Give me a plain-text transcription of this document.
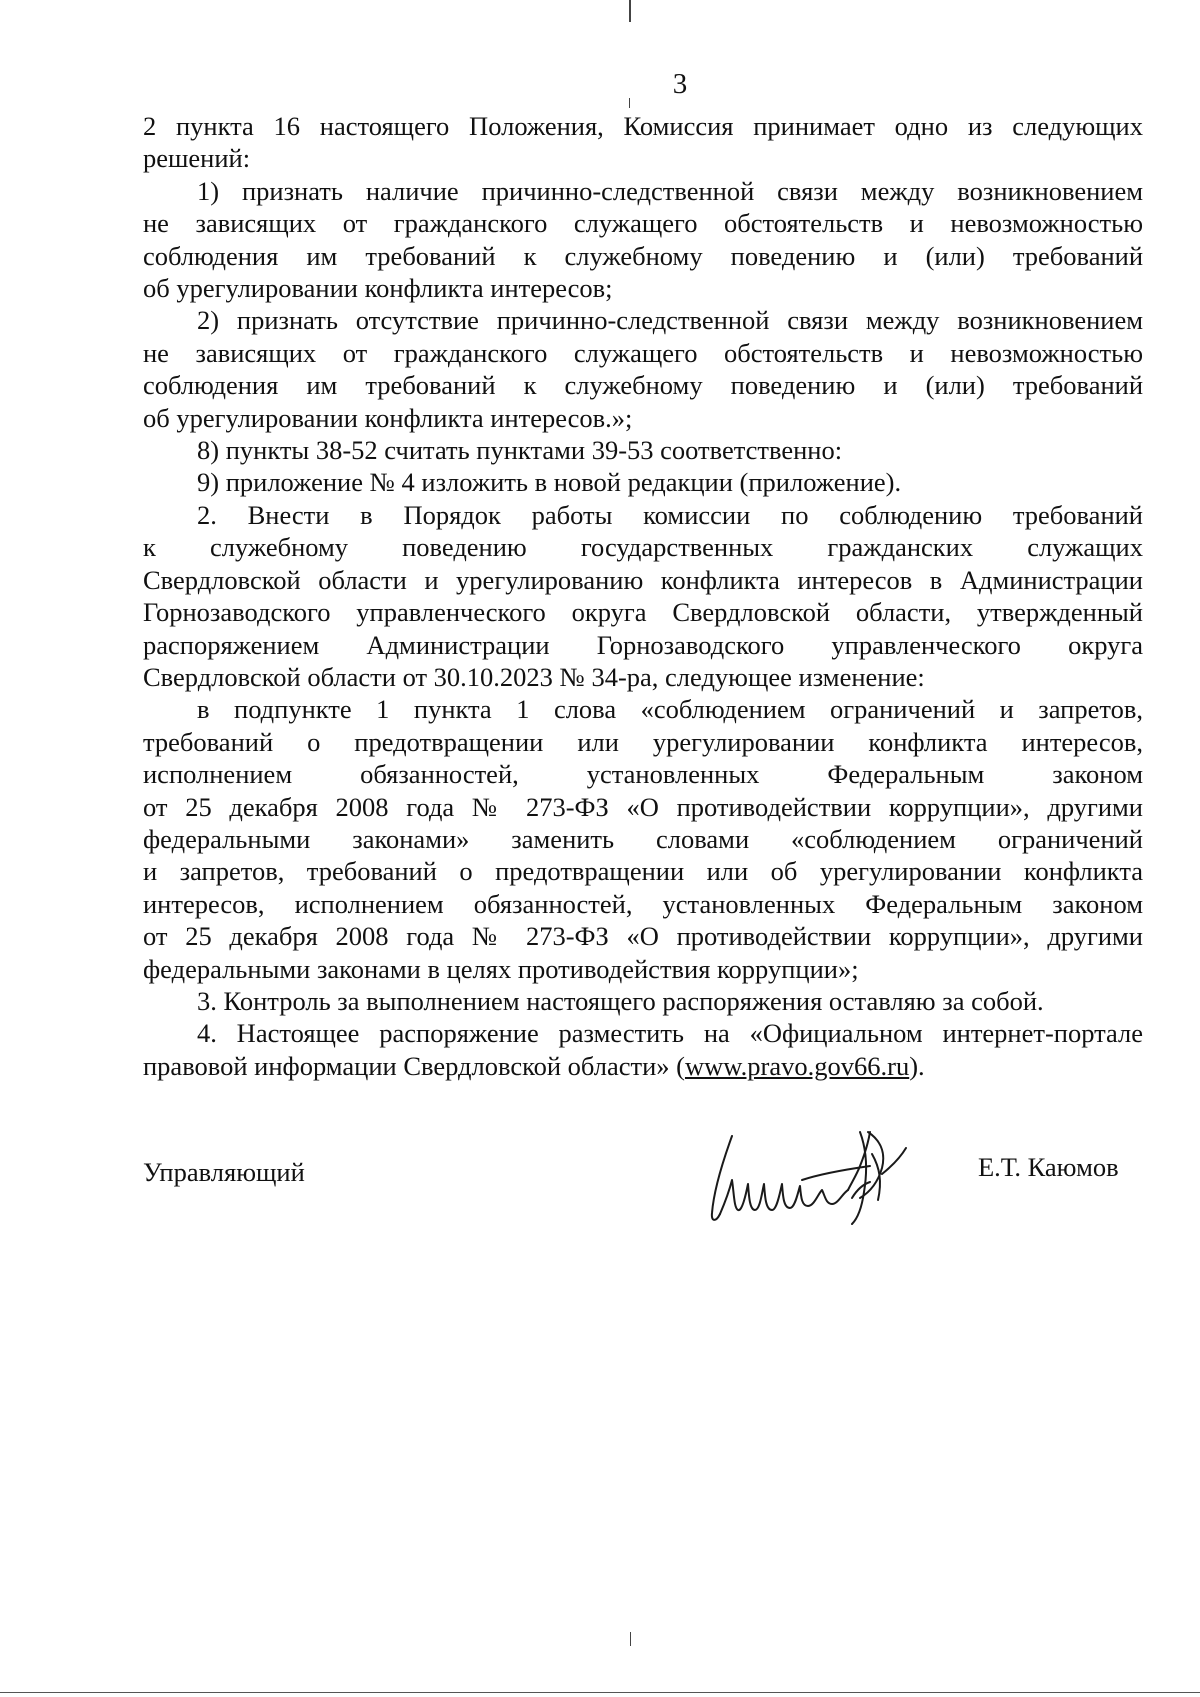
3

2 пункта 16 настоящего Положения, Комиссия принимает одно из следующих

решений:

1) признать наличие причинно-следственной связи между возникновением

не зависящих от гражданского служащего обстоятельств и невозможностью

соблюдения им требований к служебному поведению и (или) требований

об урегулировании конфликта интересов;

2) признать отсутствие причинно-следственной связи между возникновением

не зависящих от гражданского служащего обстоятельств и невозможностью

соблюдения им требований к служебному поведению и (или) требований

об урегулировании конфликта интересов.»;

8) пункты 38-52 считать пунктами 39-53 соответственно:

9) приложение № 4 изложить в новой редакции (приложение).

2. Внести в Порядок работы комиссии по соблюдению требований

к служебному поведению государственных гражданских служащих

Свердловской области и урегулированию конфликта интересов в Администрации

Горнозаводского управленческого округа Свердловской области, утвержденный

распоряжением Администрации Горнозаводского управленческого округа

Свердловской области от 30.10.2023 № 34-ра, следующее изменение:

в подпункте 1 пункта 1 слова «соблюдением ограничений и запретов,

требований о предотвращении или урегулировании конфликта интересов,

исполнением обязанностей, установленных Федеральным законом

от 25 декабря 2008 года № 273-ФЗ «О противодействии коррупции», другими

федеральными законами» заменить словами «соблюдением ограничений

и запретов, требований о предотвращении или об урегулировании конфликта

интересов, исполнением обязанностей, установленных Федеральным законом

от 25 декабря 2008 года № 273-ФЗ «О противодействии коррупции», другими

федеральными законами в целях противодействия коррупции»;

3. Контроль за выполнением настоящего распоряжения оставляю за собой.

4. Настоящее распоряжение разместить на «Официальном интернет-портале

правовой информации Свердловской области» (www.pravo.gov66.ru).

Управляющий	Е.Т. Каюмов
